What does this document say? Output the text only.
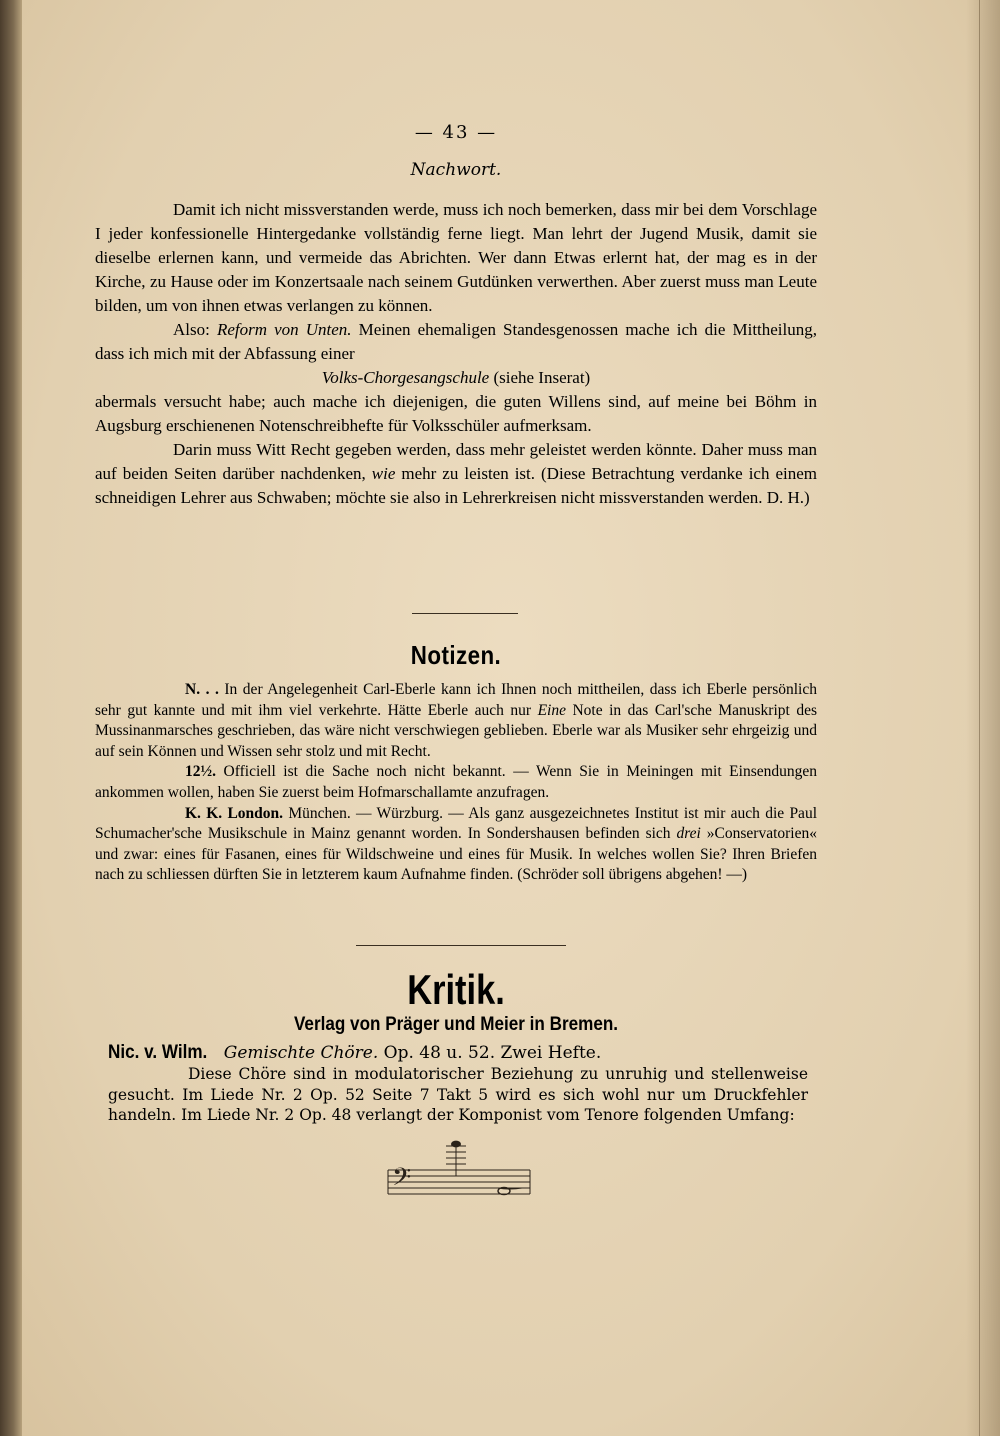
— 43 —
Nachwort.

Damit ich nicht missverstanden werde, muss ich noch bemerken, dass mir bei dem Vorschlage I jeder konfessionelle Hintergedanke vollständig ferne liegt. Man lehrt der Jugend Musik, damit sie dieselbe erlernen kann, und vermeide das Abrichten. Wer dann Etwas erlernt hat, der mag es in der Kirche, zu Hause oder im Konzertsaale nach seinem Gutdünken verwerthen. Aber zuerst muss man Leute bilden, um von ihnen etwas verlangen zu können.

Also: Reform von Unten. Meinen ehemaligen Standesgenossen mache ich die Mittheilung, dass ich mich mit der Abfassung einer

Volks-Chorgesangschule (siehe Inserat)

abermals versucht habe; auch mache ich diejenigen, die guten Willens sind, auf meine bei Böhm in Augsburg erschienenen Notenschreibhefte für Volksschüler aufmerksam.

Darin muss Witt Recht gegeben werden, dass mehr geleistet werden könnte. Daher muss man auf beiden Seiten darüber nachdenken, wie mehr zu leisten ist. (Diese Betrachtung verdanke ich einem schneidigen Lehrer aus Schwaben; möchte sie also in Lehrerkreisen nicht missverstanden werden. D. H.)

Notizen.

N. . . In der Angelegenheit Carl-Eberle kann ich Ihnen noch mittheilen, dass ich Eberle persönlich sehr gut kannte und mit ihm viel verkehrte. Hätte Eberle auch nur Eine Note in das Carl'sche Manuskript des Mussinanmarsches geschrieben, das wäre nicht verschwiegen geblieben. Eberle war als Musiker sehr ehrgeizig und auf sein Können und Wissen sehr stolz und mit Recht.

12½. Officiell ist die Sache noch nicht bekannt. — Wenn Sie in Meiningen mit Einsendungen ankommen wollen, haben Sie zuerst beim Hofmarschallamte anzufragen.

K. K. London. München. — Würzburg. — Als ganz ausgezeichnetes Institut ist mir auch die Paul Schumacher'sche Musikschule in Mainz genannt worden. In Sondershausen befinden sich drei »Conservatorien« und zwar: eines für Fasanen, eines für Wildschweine und eines für Musik. In welches wollen Sie? Ihren Briefen nach zu schliessen dürften Sie in letzterem kaum Aufnahme finden. (Schröder soll übrigens abgehen! —)

Kritik.
Verlag von Präger und Meier in Bremen.
Nic. v. Wilm. Gemischte Chöre. Op. 48 u. 52. Zwei Hefte.

Diese Chöre sind in modulatorischer Beziehung zu unruhig und stellenweise gesucht. Im Liede Nr. 2 Op. 52 Seite 7 Takt 5 wird es sich wohl nur um Druckfehler handeln. Im Liede Nr. 2 Op. 48 verlangt der Komponist vom Tenore folgenden Umfang:

𝄢
